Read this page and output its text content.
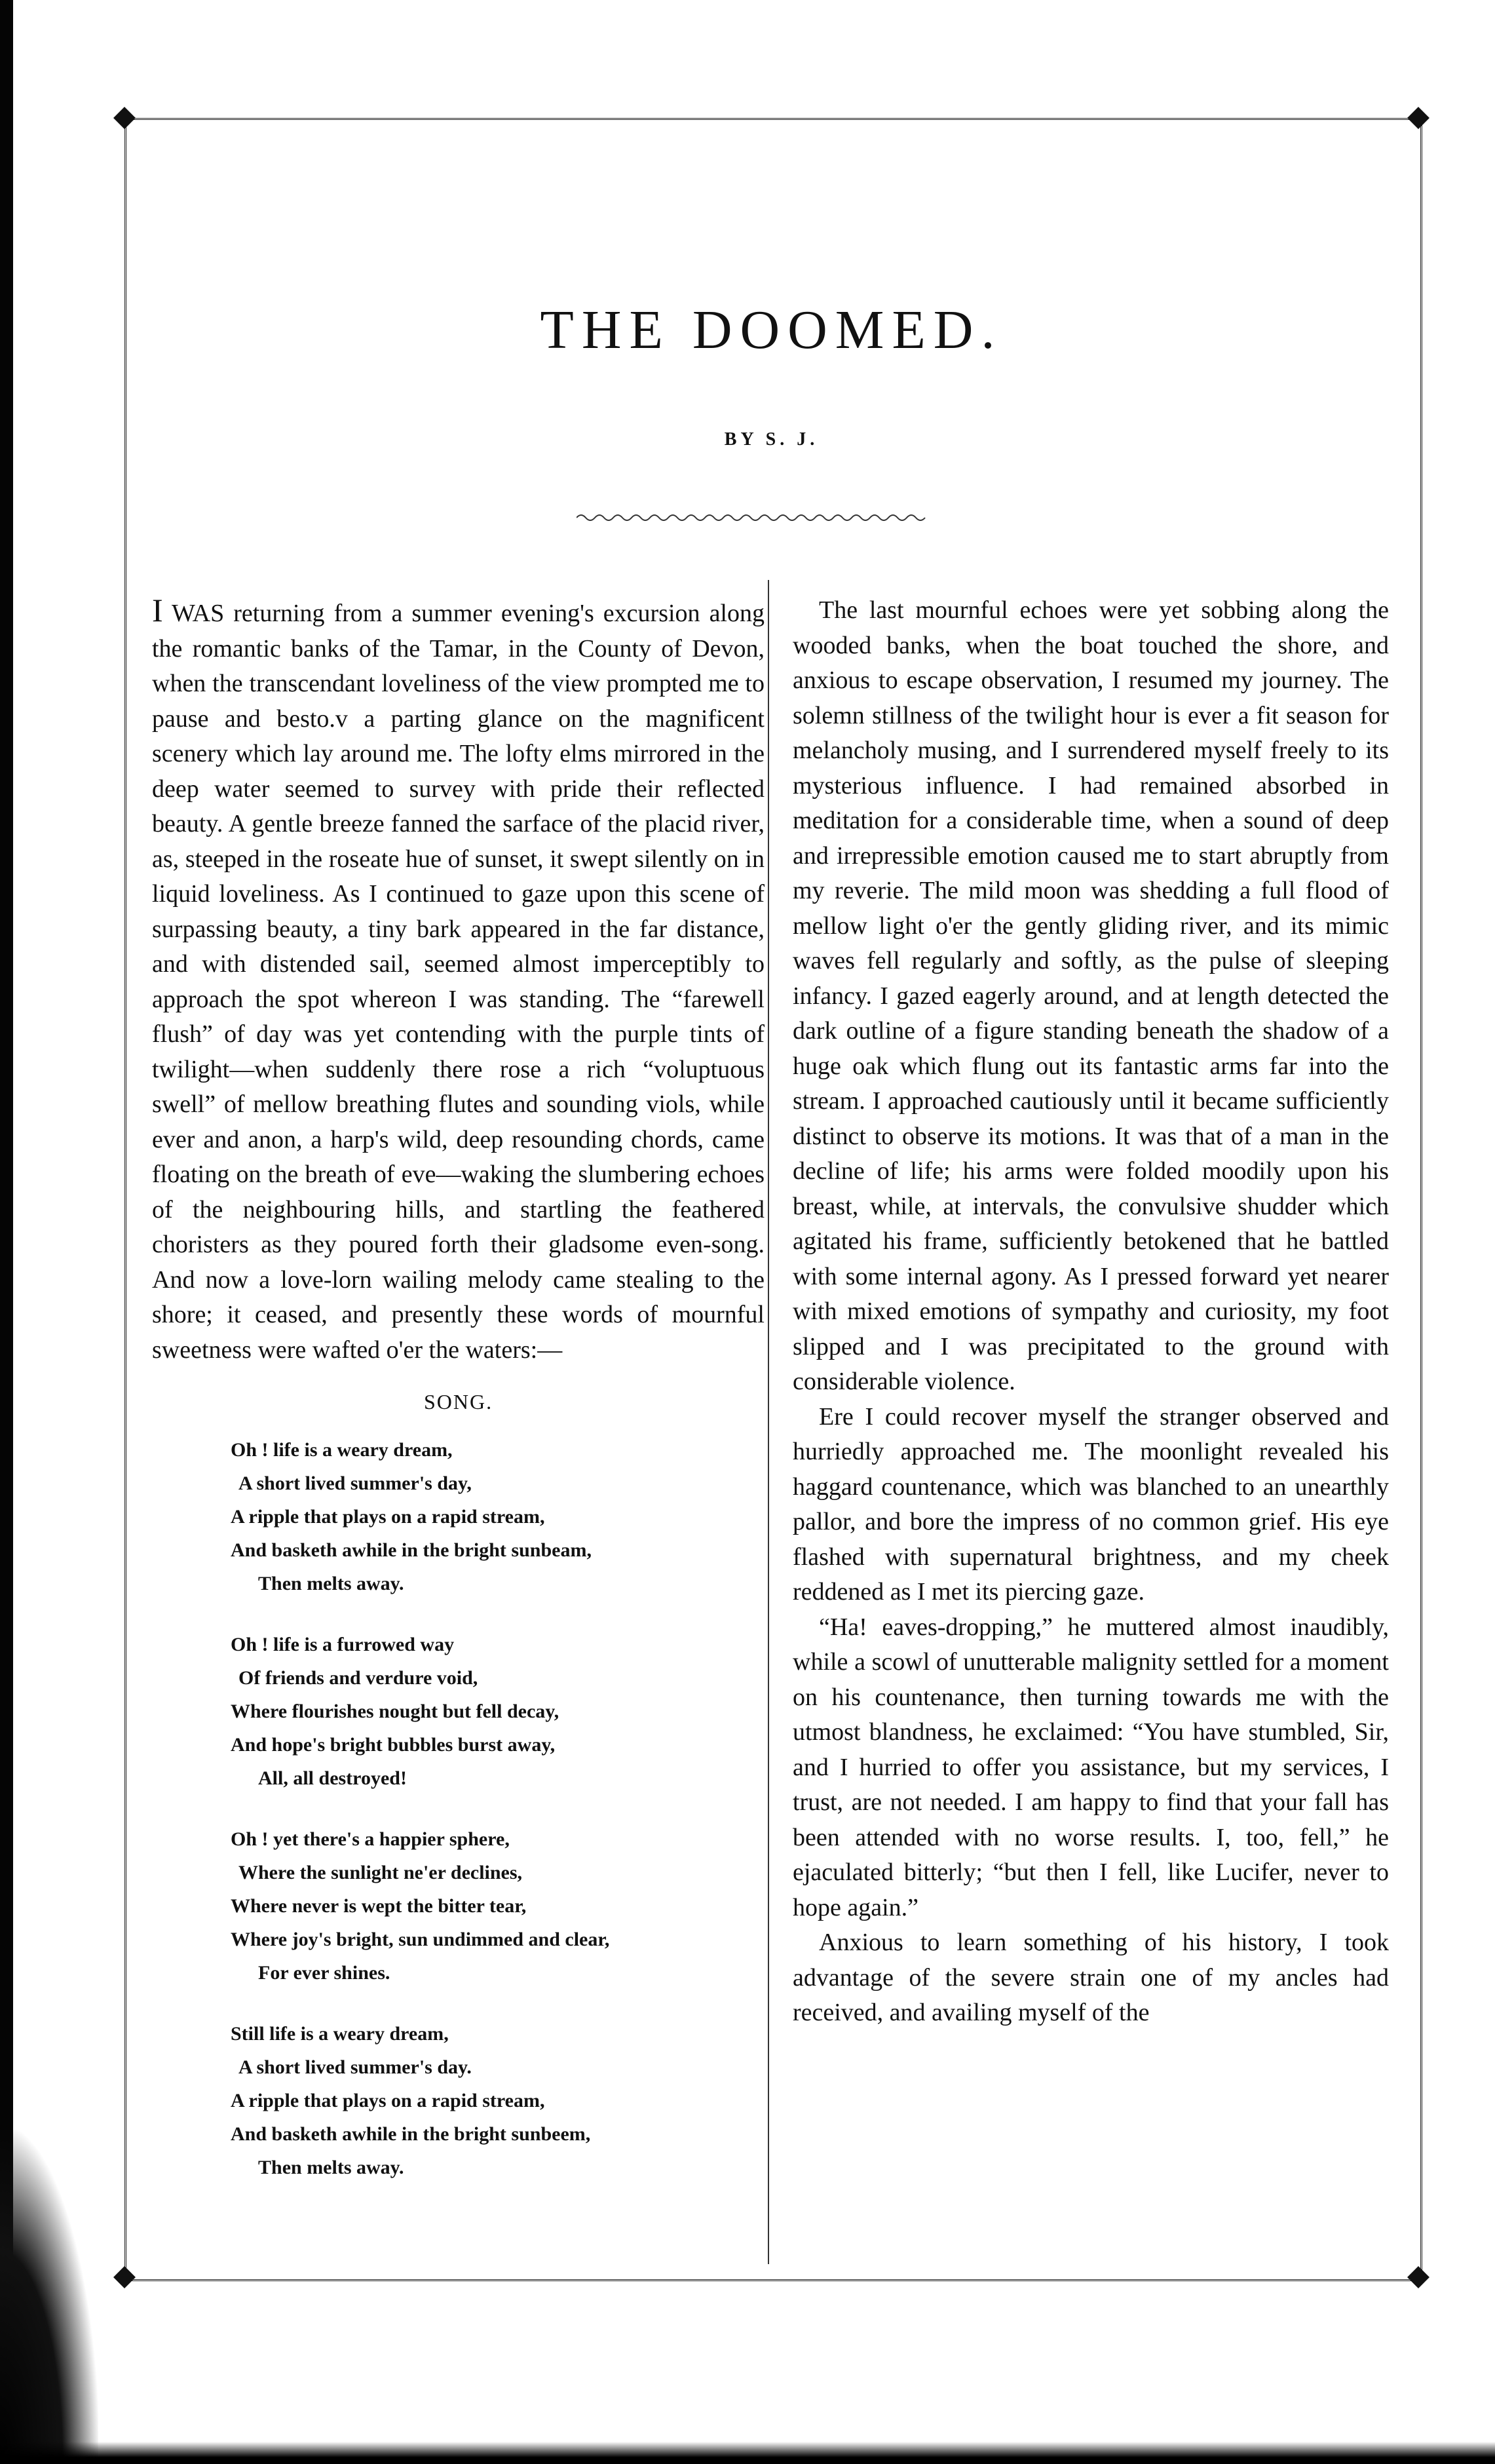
THE DOOMED.
BY S. J.

I WAS returning from a summer evening's excursion along the romantic banks of the Tamar, in the County of Devon, when the transcendant loveliness of the view prompted me to pause and besto.v a parting glance on the magnificent scenery which lay around me. The lofty elms mirrored in the deep water seemed to survey with pride their reflected beauty. A gentle breeze fanned the sarface of the placid river, as, steeped in the roseate hue of sunset, it swept silently on in liquid loveliness. As I continued to gaze upon this scene of surpassing beauty, a tiny bark appeared in the far distance, and with distended sail, seemed almost imperceptibly to approach the spot whereon I was standing. The “farewell flush” of day was yet contending with the purple tints of twilight—when suddenly there rose a rich “voluptuous swell” of mellow breathing flutes and sounding viols, while ever and anon, a harp's wild, deep resounding chords, came floating on the breath of eve—waking the slumbering echoes of the neighbouring hills, and startling the feathered choristers as they poured forth their gladsome even-song. And now a love-lorn wailing melody came stealing to the shore; it ceased, and presently these words of mournful sweetness were wafted o'er the waters:—

SONG.
Oh ! life is a weary dream,
A short lived summer's day,
A ripple that plays on a rapid stream,
And basketh awhile in the bright sunbeam,
Then melts away.
Oh ! life is a furrowed way
Of friends and verdure void,
Where flourishes nought but fell decay,
And hope's bright bubbles burst away,
All, all destroyed!
Oh ! yet there's a happier sphere,
Where the sunlight ne'er declines,
Where never is wept the bitter tear,
Where joy's bright, sun undimmed and clear,
For ever shines.
Still life is a weary dream,
A short lived summer's day.
A ripple that plays on a rapid stream,
And basketh awhile in the bright sunbeem,
Then melts away.

The last mournful echoes were yet sobbing along the wooded banks, when the boat touched the shore, and anxious to escape observation, I resumed my journey. The solemn stillness of the twilight hour is ever a fit season for melancholy musing, and I surrendered myself freely to its mysterious influence. I had remained absorbed in meditation for a considerable time, when a sound of deep and irrepressible emotion caused me to start abruptly from my reverie. The mild moon was shedding a full flood of mellow light o'er the gently gliding river, and its mimic waves fell regularly and softly, as the pulse of sleeping infancy. I gazed eagerly around, and at length detected the dark outline of a figure standing beneath the shadow of a huge oak which flung out its fantastic arms far into the stream. I approached cautiously until it became sufficiently distinct to observe its motions. It was that of a man in the decline of life; his arms were folded moodily upon his breast, while, at intervals, the convulsive shudder which agitated his frame, sufficiently betokened that he battled with some internal agony. As I pressed forward yet nearer with mixed emotions of sympathy and curiosity, my foot slipped and I was precipitated to the ground with considerable violence.

Ere I could recover myself the stranger observed and hurriedly approached me. The moonlight revealed his haggard countenance, which was blanched to an unearthly pallor, and bore the impress of no common grief. His eye flashed with supernatural brightness, and my cheek reddened as I met its piercing gaze.

“Ha! eaves-dropping,” he muttered almost inaudibly, while a scowl of unutterable malignity settled for a moment on his countenance, then turning towards me with the utmost blandness, he exclaimed: “You have stumbled, Sir, and I hurried to offer you assistance, but my services, I trust, are not needed. I am happy to find that your fall has been attended with no worse results. I, too, fell,” he ejaculated bitterly; “but then I fell, like Lucifer, never to hope again.”

Anxious to learn something of his history, I took advantage of the severe strain one of my ancles had received, and availing myself of the
